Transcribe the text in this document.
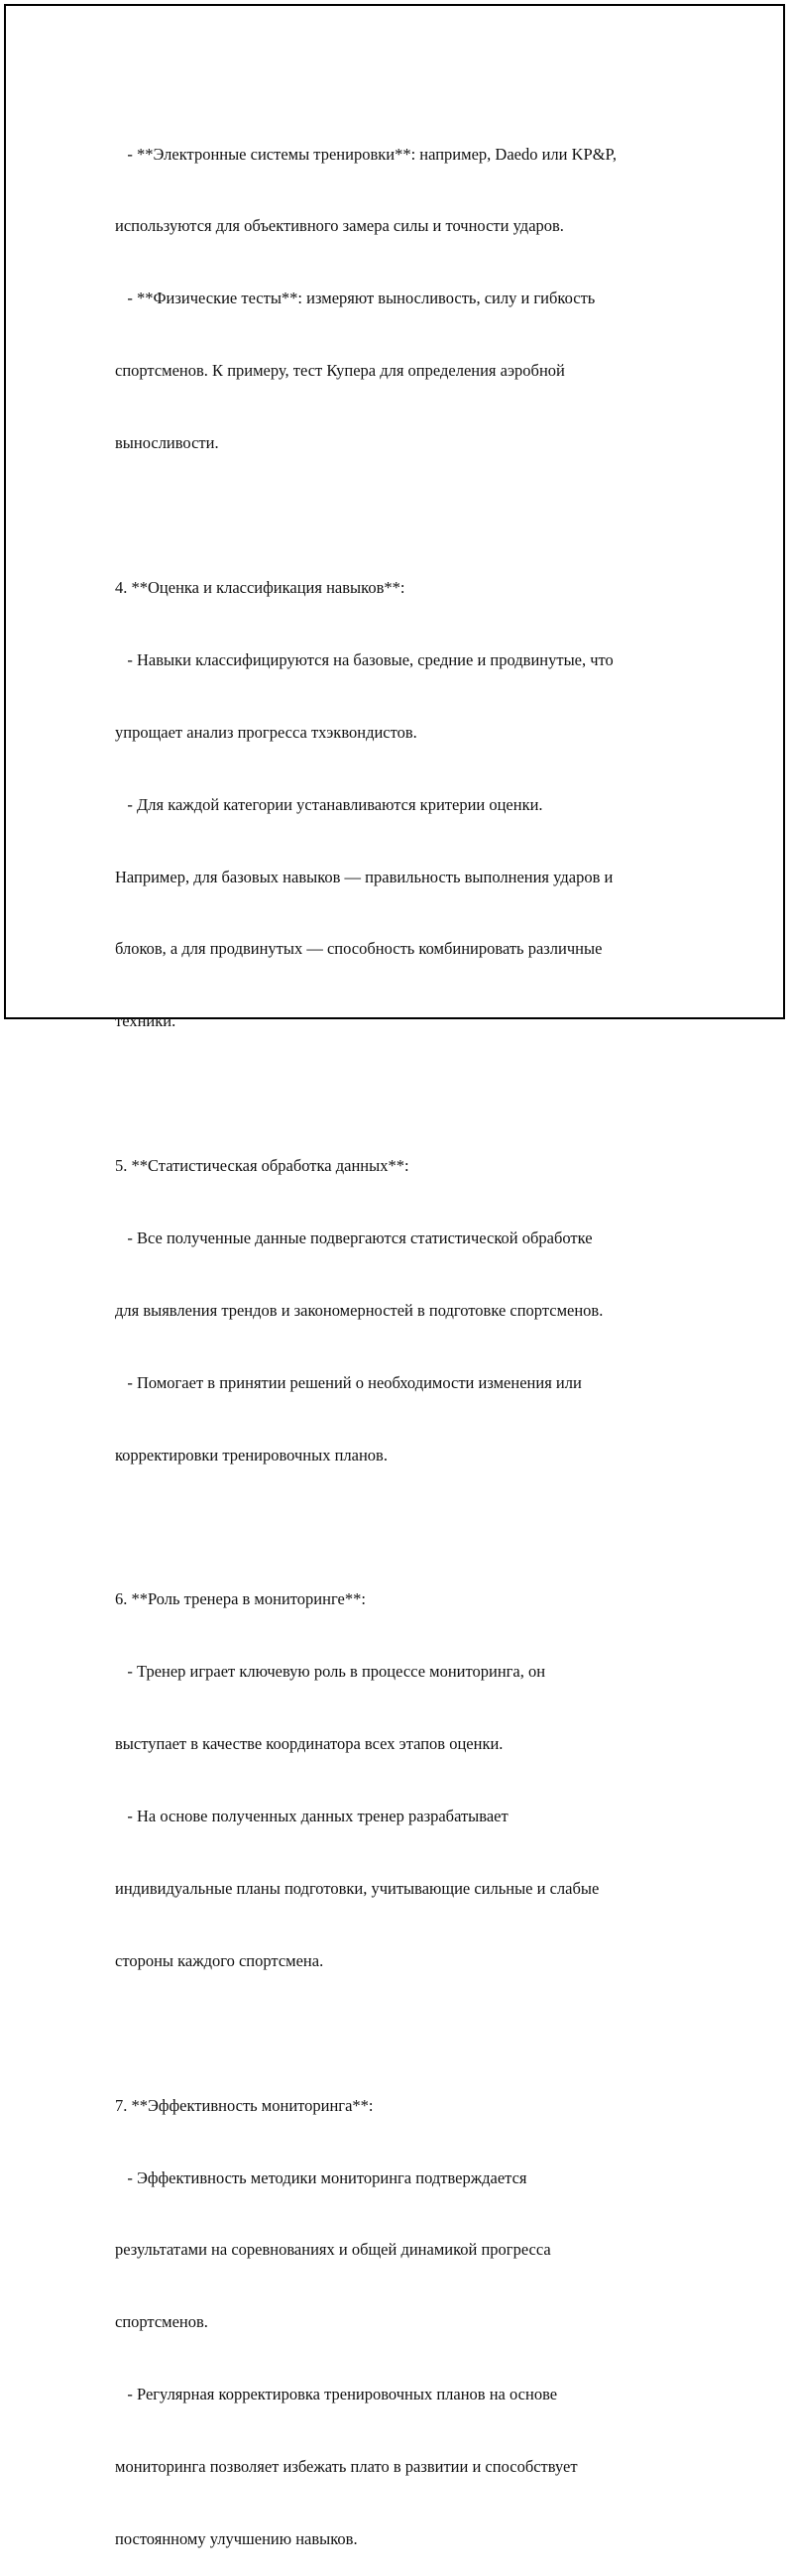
- **Электронные системы тренировки**: например, Daedo или KP&P,

используются для объективного замера силы и точности ударов.

- **Физические тесты**: измеряют выносливость, силу и гибкость

спортсменов. К примеру, тест Купера для определения аэробной

выносливости.

4. **Оценка и классификация навыков**:

- Навыки классифицируются на базовые, средние и продвинутые, что

упрощает анализ прогресса тхэквондистов.

- Для каждой категории устанавливаются критерии оценки.

Например, для базовых навыков — правильность выполнения ударов и

блоков, а для продвинутых — способность комбинировать различные

техники.

5. **Статистическая обработка данных**:

- Все полученные данные подвергаются статистической обработке

для выявления трендов и закономерностей в подготовке спортсменов.

- Помогает в принятии решений о необходимости изменения или

корректировки тренировочных планов.

6. **Роль тренера в мониторинге**:

- Тренер играет ключевую роль в процессе мониторинга, он

выступает в качестве координатора всех этапов оценки.

- На основе полученных данных тренер разрабатывает

индивидуальные планы подготовки, учитывающие сильные и слабые

стороны каждого спортсмена.

7. **Эффективность мониторинга**:

- Эффективность методики мониторинга подтверждается

результатами на соревнованиях и общей динамикой прогресса

спортсменов.

- Регулярная корректировка тренировочных планов на основе

мониторинга позволяет избежать плато в развитии и способствует

постоянному улучшению навыков.
